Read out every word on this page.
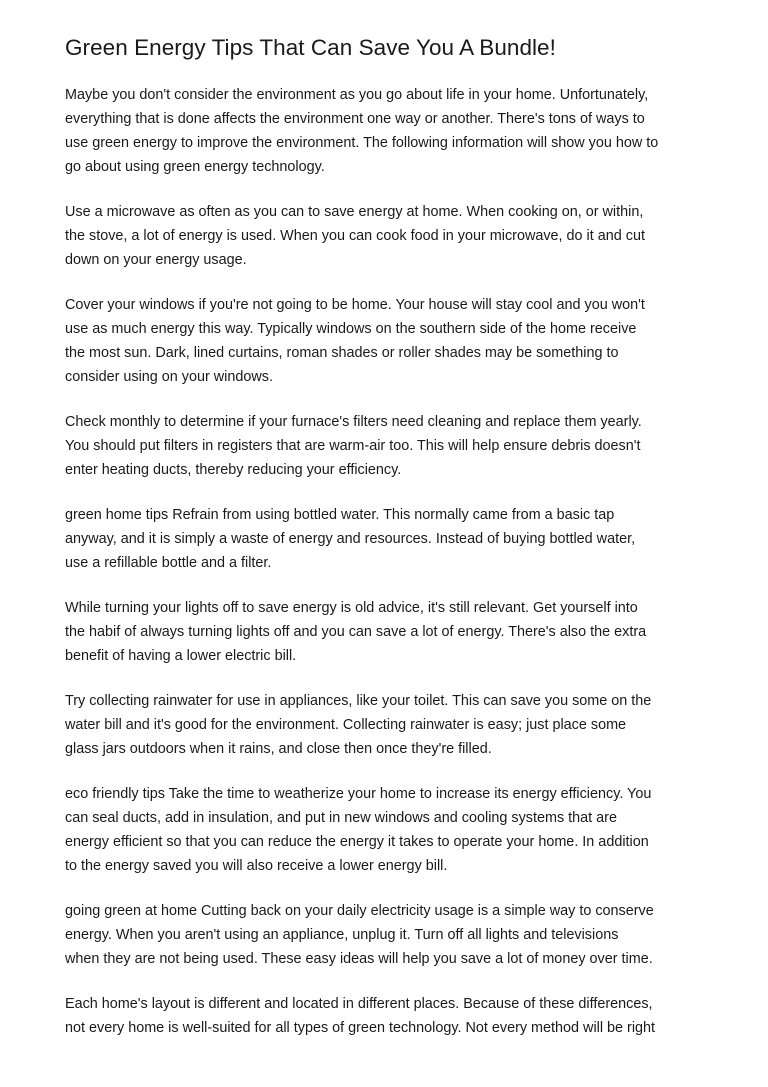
Green Energy Tips That Can Save You A Bundle!

Maybe you don't consider the environment as you go about life in your home. Unfortunately,
everything that is done affects the environment one way or another. There's tons of ways to
use green energy to improve the environment. The following information will show you how to
go about using green energy technology.

Use a microwave as often as you can to save energy at home. When cooking on, or within,
the stove, a lot of energy is used. When you can cook food in your microwave, do it and cut
down on your energy usage.

Cover your windows if you're not going to be home. Your house will stay cool and you won't
use as much energy this way. Typically windows on the southern side of the home receive
the most sun. Dark, lined curtains, roman shades or roller shades may be something to
consider using on your windows.

Check monthly to determine if your furnace's filters need cleaning and replace them yearly.
You should put filters in registers that are warm-air too. This will help ensure debris doesn't
enter heating ducts, thereby reducing your efficiency.

green home tips Refrain from using bottled water. This normally came from a basic tap
anyway, and it is simply a waste of energy and resources. Instead of buying bottled water,
use a refillable bottle and a filter.

While turning your lights off to save energy is old advice, it's still relevant. Get yourself into
the habif of always turning lights off and you can save a lot of energy. There's also the extra
benefit of having a lower electric bill.

Try collecting rainwater for use in appliances, like your toilet. This can save you some on the
water bill and it's good for the environment. Collecting rainwater is easy; just place some
glass jars outdoors when it rains, and close then once they're filled.

eco friendly tips Take the time to weatherize your home to increase its energy efficiency. You
can seal ducts, add in insulation, and put in new windows and cooling systems that are
energy efficient so that you can reduce the energy it takes to operate your home. In addition
to the energy saved you will also receive a lower energy bill.

going green at home Cutting back on your daily electricity usage is a simple way to conserve
energy. When you aren't using an appliance, unplug it. Turn off all lights and televisions
when they are not being used. These easy ideas will help you save a lot of money over time.

Each home's layout is different and located in different places. Because of these differences,
not every home is well-suited for all types of green technology. Not every method will be right
